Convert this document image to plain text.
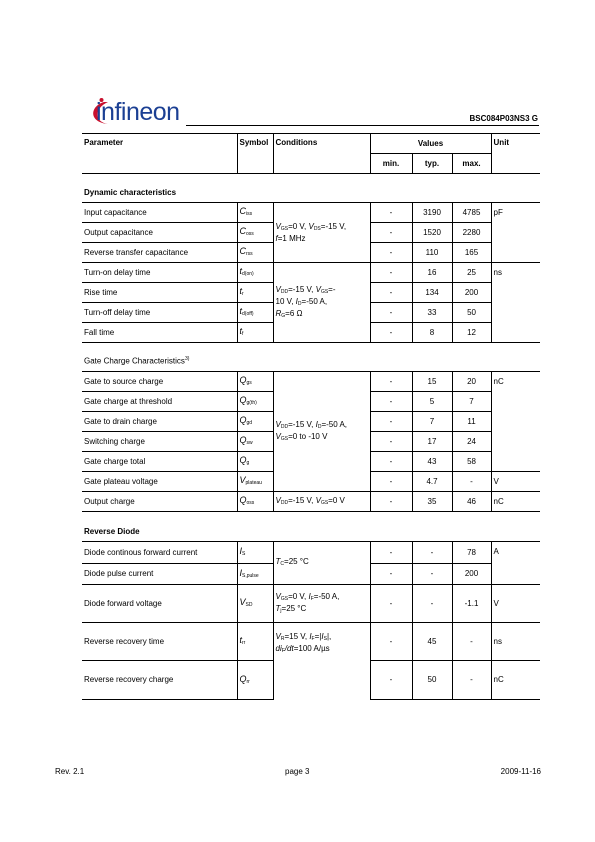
infineon	BSC084P03NS3 G
Parameter	Symbol	Conditions	Values			Unit
			min.	typ.	max.	
Dynamic characteristics						
Input capacitance	$C_{iss}$	$V_{GS}=0$ V, $V_{DS}=-15$ V,
f=1 MHz	-	3190	4785	pF
Output capacitance	$C_{oss}$		-	1520	2280	
Reverse transfer capacitance	$C_{rss}$		-	110	165	
Turn-on delay time	$t_{d(on)}$	$V_{DD}=-15$ V, $V_{GS}=-$
10 V, $I_D=-50$ A,
$R_G=6$ Ω	-	16	25	ns
Rise time	$t_r$		-	134	200	
Turn-off delay time	$t_{d(off)}$		-	33	50	
Fall time	$t_f$		-	8	12	
Gate Charge Characteristics$^{3)}$
Gate to source charge	$Q_{gs}$	$V_{DD}=-15$ V, $I_D=-50$ A,
$V_{GS}=0$ to -10 V	-	15	20	nC
Gate charge at threshold	$Q_{g(th)}$		-	5	7	
Gate to drain charge	$Q_{gd}$		-	7	11	
Switching charge	$Q_{sw}$		-	17	24	
Gate charge total	$Q_g$		-	43	58	
Gate plateau voltage	$V_{plateau}$		-	4.7	-	V
Output charge	$Q_{oss}$	$V_{DD}=-15$ V, $V_{GS}=0$ V	-	35	46	nC
Reverse Diode						
Diode continous forward current	$I_S$	$T_C=25$ °C	-	-	78	A
Diode pulse current	$I_{S,pulse}$		-	-	200	
Diode forward voltage	$V_{SD}$	$V_{GS}=0$ V, $I_F=-50$ A,
$T_j=25$ °C	-	-	-1.1	V
Reverse recovery time	$t_{rr}$	$V_R=15$ V, $I_F=|I_S|$,
$di_F/dt=100$ A/µs	-	45	-	ns
Reverse recovery charge	$Q_{rr}$		-	50	-	nC
Rev. 2.1	page 3	2009-11-16
